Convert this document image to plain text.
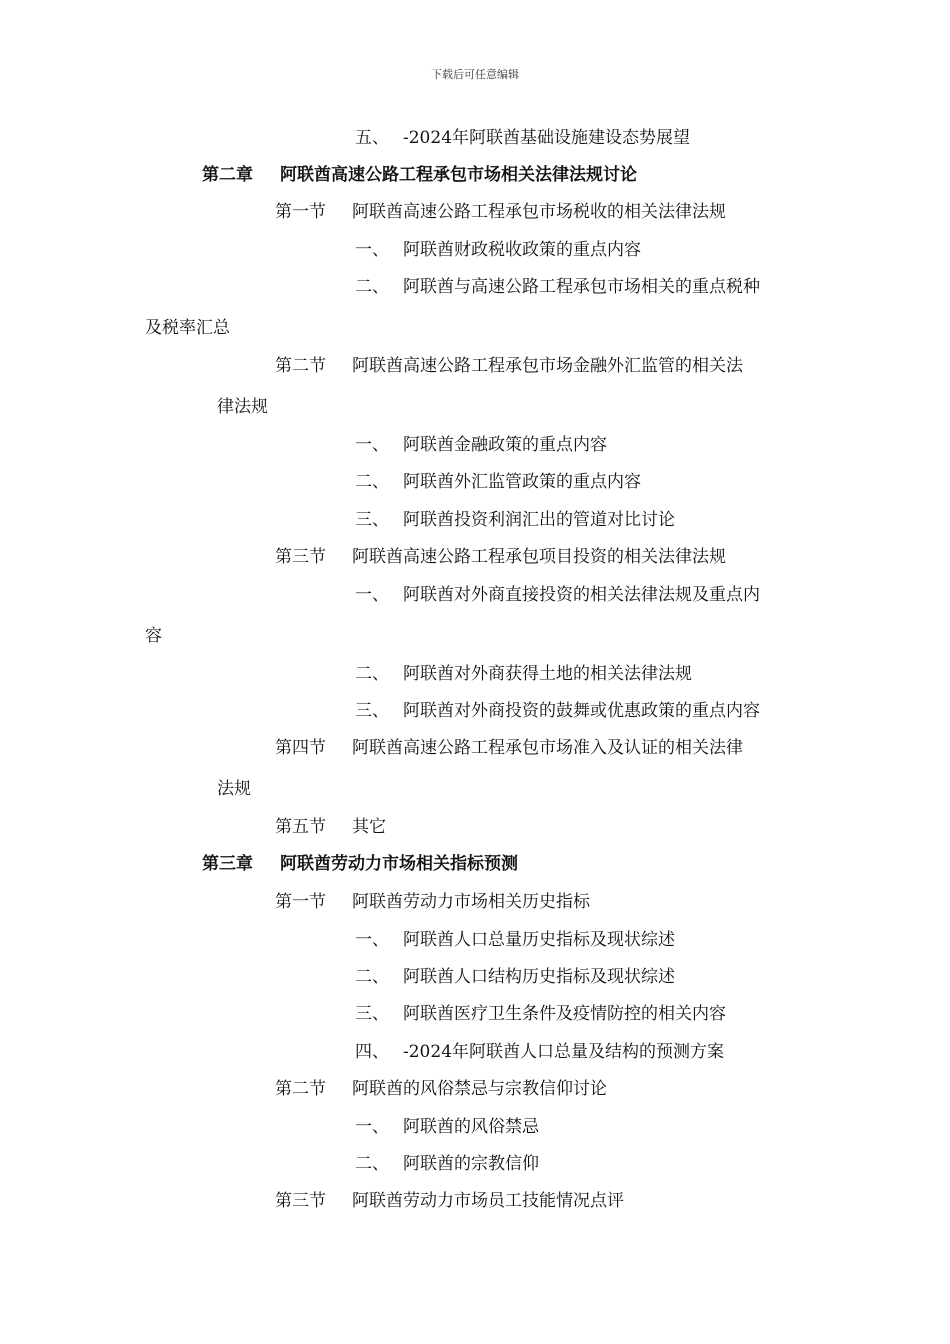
下载后可任意编辑
五、 -2024年阿联酋基础设施建设态势展望
第二章 阿联酋高速公路工程承包市场相关法律法规讨论
第一节 阿联酋高速公路工程承包市场税收的相关法律法规
一、 阿联酋财政税收政策的重点内容
二、 阿联酋与高速公路工程承包市场相关的重点税种
及税率汇总
第二节 阿联酋高速公路工程承包市场金融外汇监管的相关法
律法规
一、 阿联酋金融政策的重点内容
二、 阿联酋外汇监管政策的重点内容
三、 阿联酋投资利润汇出的管道对比讨论
第三节 阿联酋高速公路工程承包项目投资的相关法律法规
一、 阿联酋对外商直接投资的相关法律法规及重点内
容
二、 阿联酋对外商获得土地的相关法律法规
三、 阿联酋对外商投资的鼓舞或优惠政策的重点内容
第四节 阿联酋高速公路工程承包市场准入及认证的相关法律
法规
第五节 其它
第三章 阿联酋劳动力市场相关指标预测
第一节 阿联酋劳动力市场相关历史指标
一、 阿联酋人口总量历史指标及现状综述
二、 阿联酋人口结构历史指标及现状综述
三、 阿联酋医疗卫生条件及疫情防控的相关内容
四、 -2024年阿联酋人口总量及结构的预测方案
第二节 阿联酋的风俗禁忌与宗教信仰讨论
一、 阿联酋的风俗禁忌
二、 阿联酋的宗教信仰
第三节 阿联酋劳动力市场员工技能情况点评
